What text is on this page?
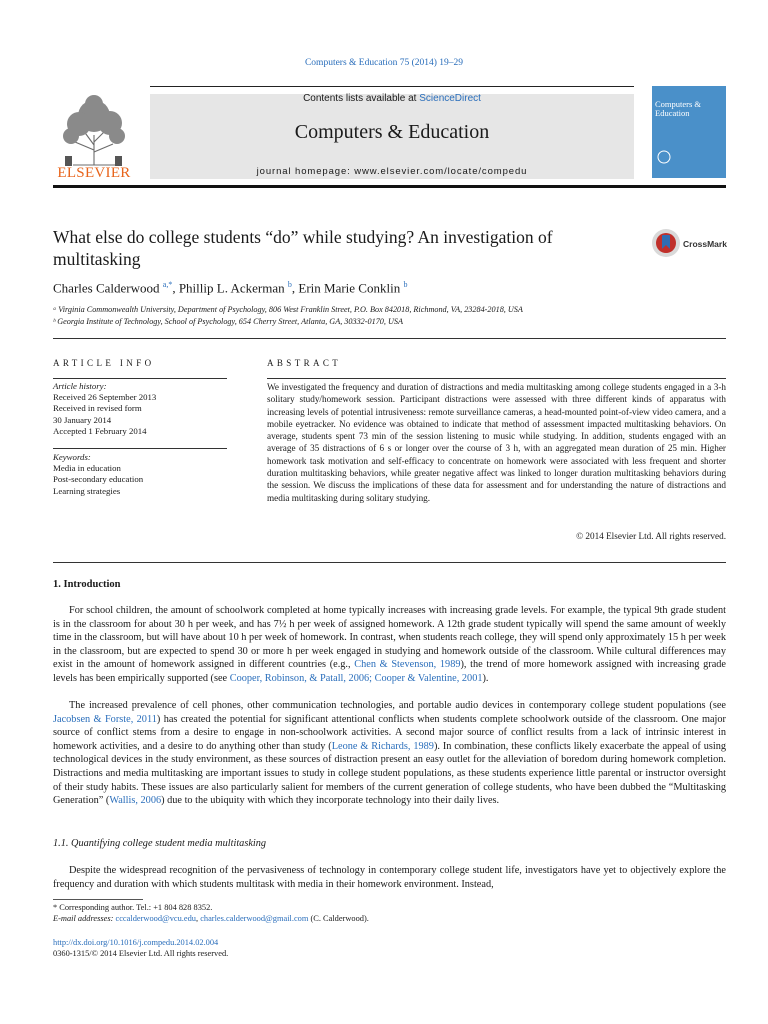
Computers & Education 75 (2014) 19–29
ELSEVIER
Contents lists available at ScienceDirect
Computers & Education
journal homepage: www.elsevier.com/locate/compedu
Computers & Education
What else do college students “do” while studying? An investigation of multitasking
CrossMark
Charles Calderwood $^{a,*}$, Phillip L. Ackerman $^b$, Erin Marie Conklin $^b$
ᵃ Virginia Commonwealth University, Department of Psychology, 806 West Franklin Street, P.O. Box 842018, Richmond, VA, 23284-2018, USA
ᵇ Georgia Institute of Technology, School of Psychology, 654 Cherry Street, Atlanta, GA, 30332-0170, USA
ARTICLE INFO
Article history:
Received 26 September 2013
Received in revised form
30 January 2014
Accepted 1 February 2014
Keywords:
Media in education
Post-secondary education
Learning strategies
ABSTRACT
We investigated the frequency and duration of distractions and media multitasking among college students engaged in a 3-h solitary study/homework session. Participant distractions were assessed with three different kinds of apparatus with increasing levels of potential intrusiveness: remote surveillance cameras, a head-mounted point-of-view video camera, and a mobile eyetracker. No evidence was obtained to indicate that method of assessment impacted multitasking behaviors. On average, students spent 73 min of the session listening to music while studying. In addition, students engaged with an average of 35 distractions of 6 s or longer over the course of 3 h, with an aggregated mean duration of 25 min. Higher homework task motivation and self-efficacy to concentrate on homework were associated with less frequent and shorter duration multitasking behaviors, while greater negative affect was linked to longer duration multitasking behaviors during the session. We discuss the implications of these data for assessment and for understanding the nature of distractions and media multitasking during solitary studying.
© 2014 Elsevier Ltd. All rights reserved.
1. Introduction
For school children, the amount of schoolwork completed at home typically increases with increasing grade levels. For example, the typical 9th grade student is in the classroom for about 30 h per week, and has 7½ h per week of assigned homework. A 12th grade student typically will spend the same amount of weekly time in the classroom, but will have about 10 h per week of homework. In contrast, when students reach college, they will spend only approximately 15 h per week in the classroom, but are expected to spend 30 or more h per week engaged in studying and homework outside of the classroom. While cultural differences may exist in the amount of homework assigned in different countries (e.g., Chen & Stevenson, 1989), the trend of more homework assigned with increasing grade levels has been empirically supported (see Cooper, Robinson, & Patall, 2006; Cooper & Valentine, 2001).
The increased prevalence of cell phones, other communication technologies, and portable audio devices in contemporary college student populations (see Jacobsen & Forste, 2011) has created the potential for significant attentional conflicts when students complete schoolwork outside of the classroom. One major source of conflict stems from a desire to engage in non-schoolwork activities. A second major source of conflict results from a lack of intrinsic interest in homework activities, and a desire to do anything other than study (Leone & Richards, 1989). In combination, these conflicts likely exacerbate the appeal of using technological devices in the study environment, as these sources of distraction present an easy outlet for the alleviation of boredom during homework completion. Distractions and media multitasking are important issues to study in college student populations, as these students experience little parental or instructor oversight of their study habits. These issues are also particularly salient for members of the current generation of college students, who have been dubbed the “Multitasking Generation” (Wallis, 2006) due to the ubiquity with which they incorporate technology into their daily lives.
1.1. Quantifying college student media multitasking
Despite the widespread recognition of the pervasiveness of technology in contemporary college student life, investigators have yet to objectively explore the frequency and duration with which students multitask with media in their homework environment. Instead,
* Corresponding author. Tel.: +1 804 828 8352.
E-mail addresses: cccalderwood@vcu.edu, charles.calderwood@gmail.com (C. Calderwood).
http://dx.doi.org/10.1016/j.compedu.2014.02.004
0360-1315/© 2014 Elsevier Ltd. All rights reserved.
